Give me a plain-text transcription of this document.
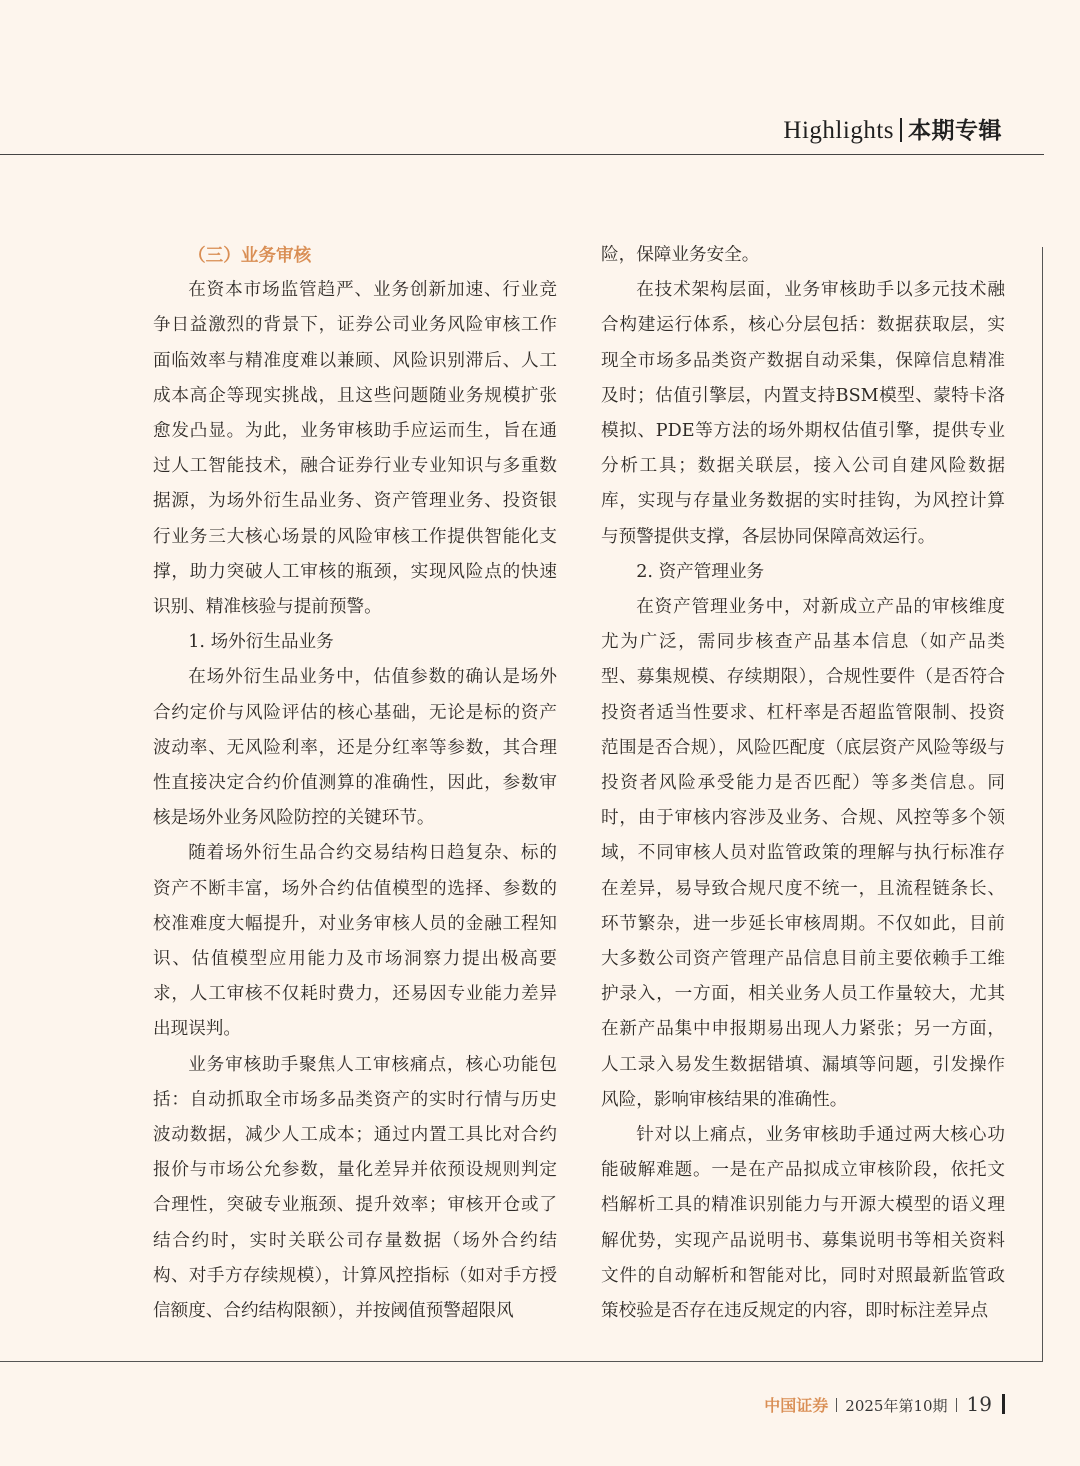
Highlights 本期专辑

（三）业务审核

在资本市场监管趋严、业务创新加速、行业竞争日益激烈的背景下，证券公司业务风险审核工作面临效率与精准度难以兼顾、风险识别滞后、人工成本高企等现实挑战，且这些问题随业务规模扩张愈发凸显。为此，业务审核助手应运而生，旨在通过人工智能技术，融合证券行业专业知识与多重数据源，为场外衍生品业务、资产管理业务、投资银行业务三大核心场景的风险审核工作提供智能化支撑，助力突破人工审核的瓶颈，实现风险点的快速识别、精准核验与提前预警。

1. 场外衍生品业务

在场外衍生品业务中，估值参数的确认是场外合约定价与风险评估的核心基础，无论是标的资产波动率、无风险利率，还是分红率等参数，其合理性直接决定合约价值测算的准确性，因此，参数审核是场外业务风险防控的关键环节。

随着场外衍生品合约交易结构日趋复杂、标的资产不断丰富，场外合约估值模型的选择、参数的校准难度大幅提升，对业务审核人员的金融工程知识、估值模型应用能力及市场洞察力提出极高要求，人工审核不仅耗时费力，还易因专业能力差异出现误判。

业务审核助手聚焦人工审核痛点，核心功能包括：自动抓取全市场多品类资产的实时行情与历史波动数据，减少人工成本；通过内置工具比对合约报价与市场公允参数，量化差异并依预设规则判定合理性，突破专业瓶颈、提升效率；审核开仓或了结合约时，实时关联公司存量数据（场外合约结构、对手方存续规模），计算风控指标（如对手方授信额度、合约结构限额），并按阈值预警超限风

险，保障业务安全。

在技术架构层面，业务审核助手以多元技术融合构建运行体系，核心分层包括：数据获取层，实现全市场多品类资产数据自动采集，保障信息精准及时；估值引擎层，内置支持BSM模型、蒙特卡洛模拟、PDE等方法的场外期权估值引擎，提供专业分析工具；数据关联层，接入公司自建风险数据库，实现与存量业务数据的实时挂钩，为风控计算与预警提供支撑，各层协同保障高效运行。

2. 资产管理业务

在资产管理业务中，对新成立产品的审核维度尤为广泛，需同步核查产品基本信息（如产品类型、募集规模、存续期限），合规性要件（是否符合投资者适当性要求、杠杆率是否超监管限制、投资范围是否合规），风险匹配度（底层资产风险等级与投资者风险承受能力是否匹配）等多类信息。同时，由于审核内容涉及业务、合规、风控等多个领域，不同审核人员对监管政策的理解与执行标准存在差异，易导致合规尺度不统一，且流程链条长、环节繁杂，进一步延长审核周期。不仅如此，目前大多数公司资产管理产品信息目前主要依赖手工维护录入，一方面，相关业务人员工作量较大，尤其在新产品集中申报期易出现人力紧张；另一方面，人工录入易发生数据错填、漏填等问题，引发操作风险，影响审核结果的准确性。

针对以上痛点，业务审核助手通过两大核心功能破解难题。一是在产品拟成立审核阶段，依托文档解析工具的精准识别能力与开源大模型的语义理解优势，实现产品说明书、募集说明书等相关资料文件的自动解析和智能对比，同时对照最新监管政策校验是否存在违反规定的内容，即时标注差异点

中国证券 2025年第10期 19
